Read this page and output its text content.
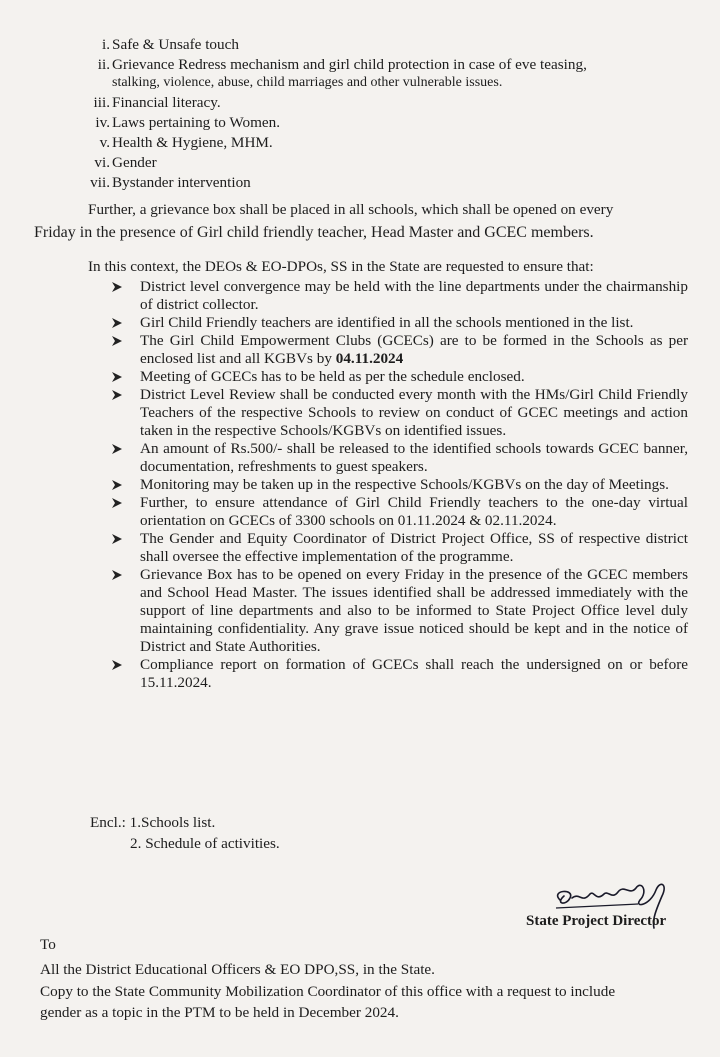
i. Safe & Unsafe touch
ii. Grievance Redress mechanism and girl child protection in case of eve teasing,
stalking, violence, abuse, child marriages and other vulnerable issues.
iii. Financial literacy.
iv. Laws pertaining to Women.
v. Health & Hygiene, MHM.
vi. Gender
vii. Bystander intervention
Further, a grievance box shall be placed in all schools, which shall be opened on every
Friday in the presence of Girl child friendly teacher, Head Master and GCEC members.
In this context, the DEOs & EO-DPOs, SS in the State are requested to ensure that:
District level convergence may be held with the line departments under the chairmanship of district collector.
Girl Child Friendly teachers are identified in all the schools mentioned in the list.
The Girl Child Empowerment Clubs (GCECs) are to be formed in the Schools as per enclosed list and all KGBVs by 04.11.2024
Meeting of GCECs has to be held as per the schedule enclosed.
District Level Review shall be conducted every month with the HMs/Girl Child Friendly Teachers of the respective Schools to review on conduct of GCEC meetings and action taken in the respective Schools/KGBVs on identified issues.
An amount of Rs.500/- shall be released to the identified schools towards GCEC banner, documentation, refreshments to guest speakers.
Monitoring may be taken up in the respective Schools/KGBVs on the day of Meetings.
Further, to ensure attendance of Girl Child Friendly teachers to the one-day virtual orientation on GCECs of 3300 schools on 01.11.2024 & 02.11.2024.
The Gender and Equity Coordinator of District Project Office, SS of respective district shall oversee the effective implementation of the programme.
Grievance Box has to be opened on every Friday in the presence of the GCEC members and School Head Master. The issues identified shall be addressed immediately with the support of line departments and also to be informed to State Project Office level duly maintaining confidentiality. Any grave issue noticed should be kept and in the notice of District and State Authorities.
Compliance report on formation of GCECs shall reach the undersigned on or before 15.11.2024.
Encl.: 1.Schools list.
2. Schedule of activities.
State Project Director
To
All the District Educational Officers & EO DPO,SS, in the State.
Copy to the State Community Mobilization Coordinator of this office with a request to include
gender as a topic in the PTM to be held in December 2024.
